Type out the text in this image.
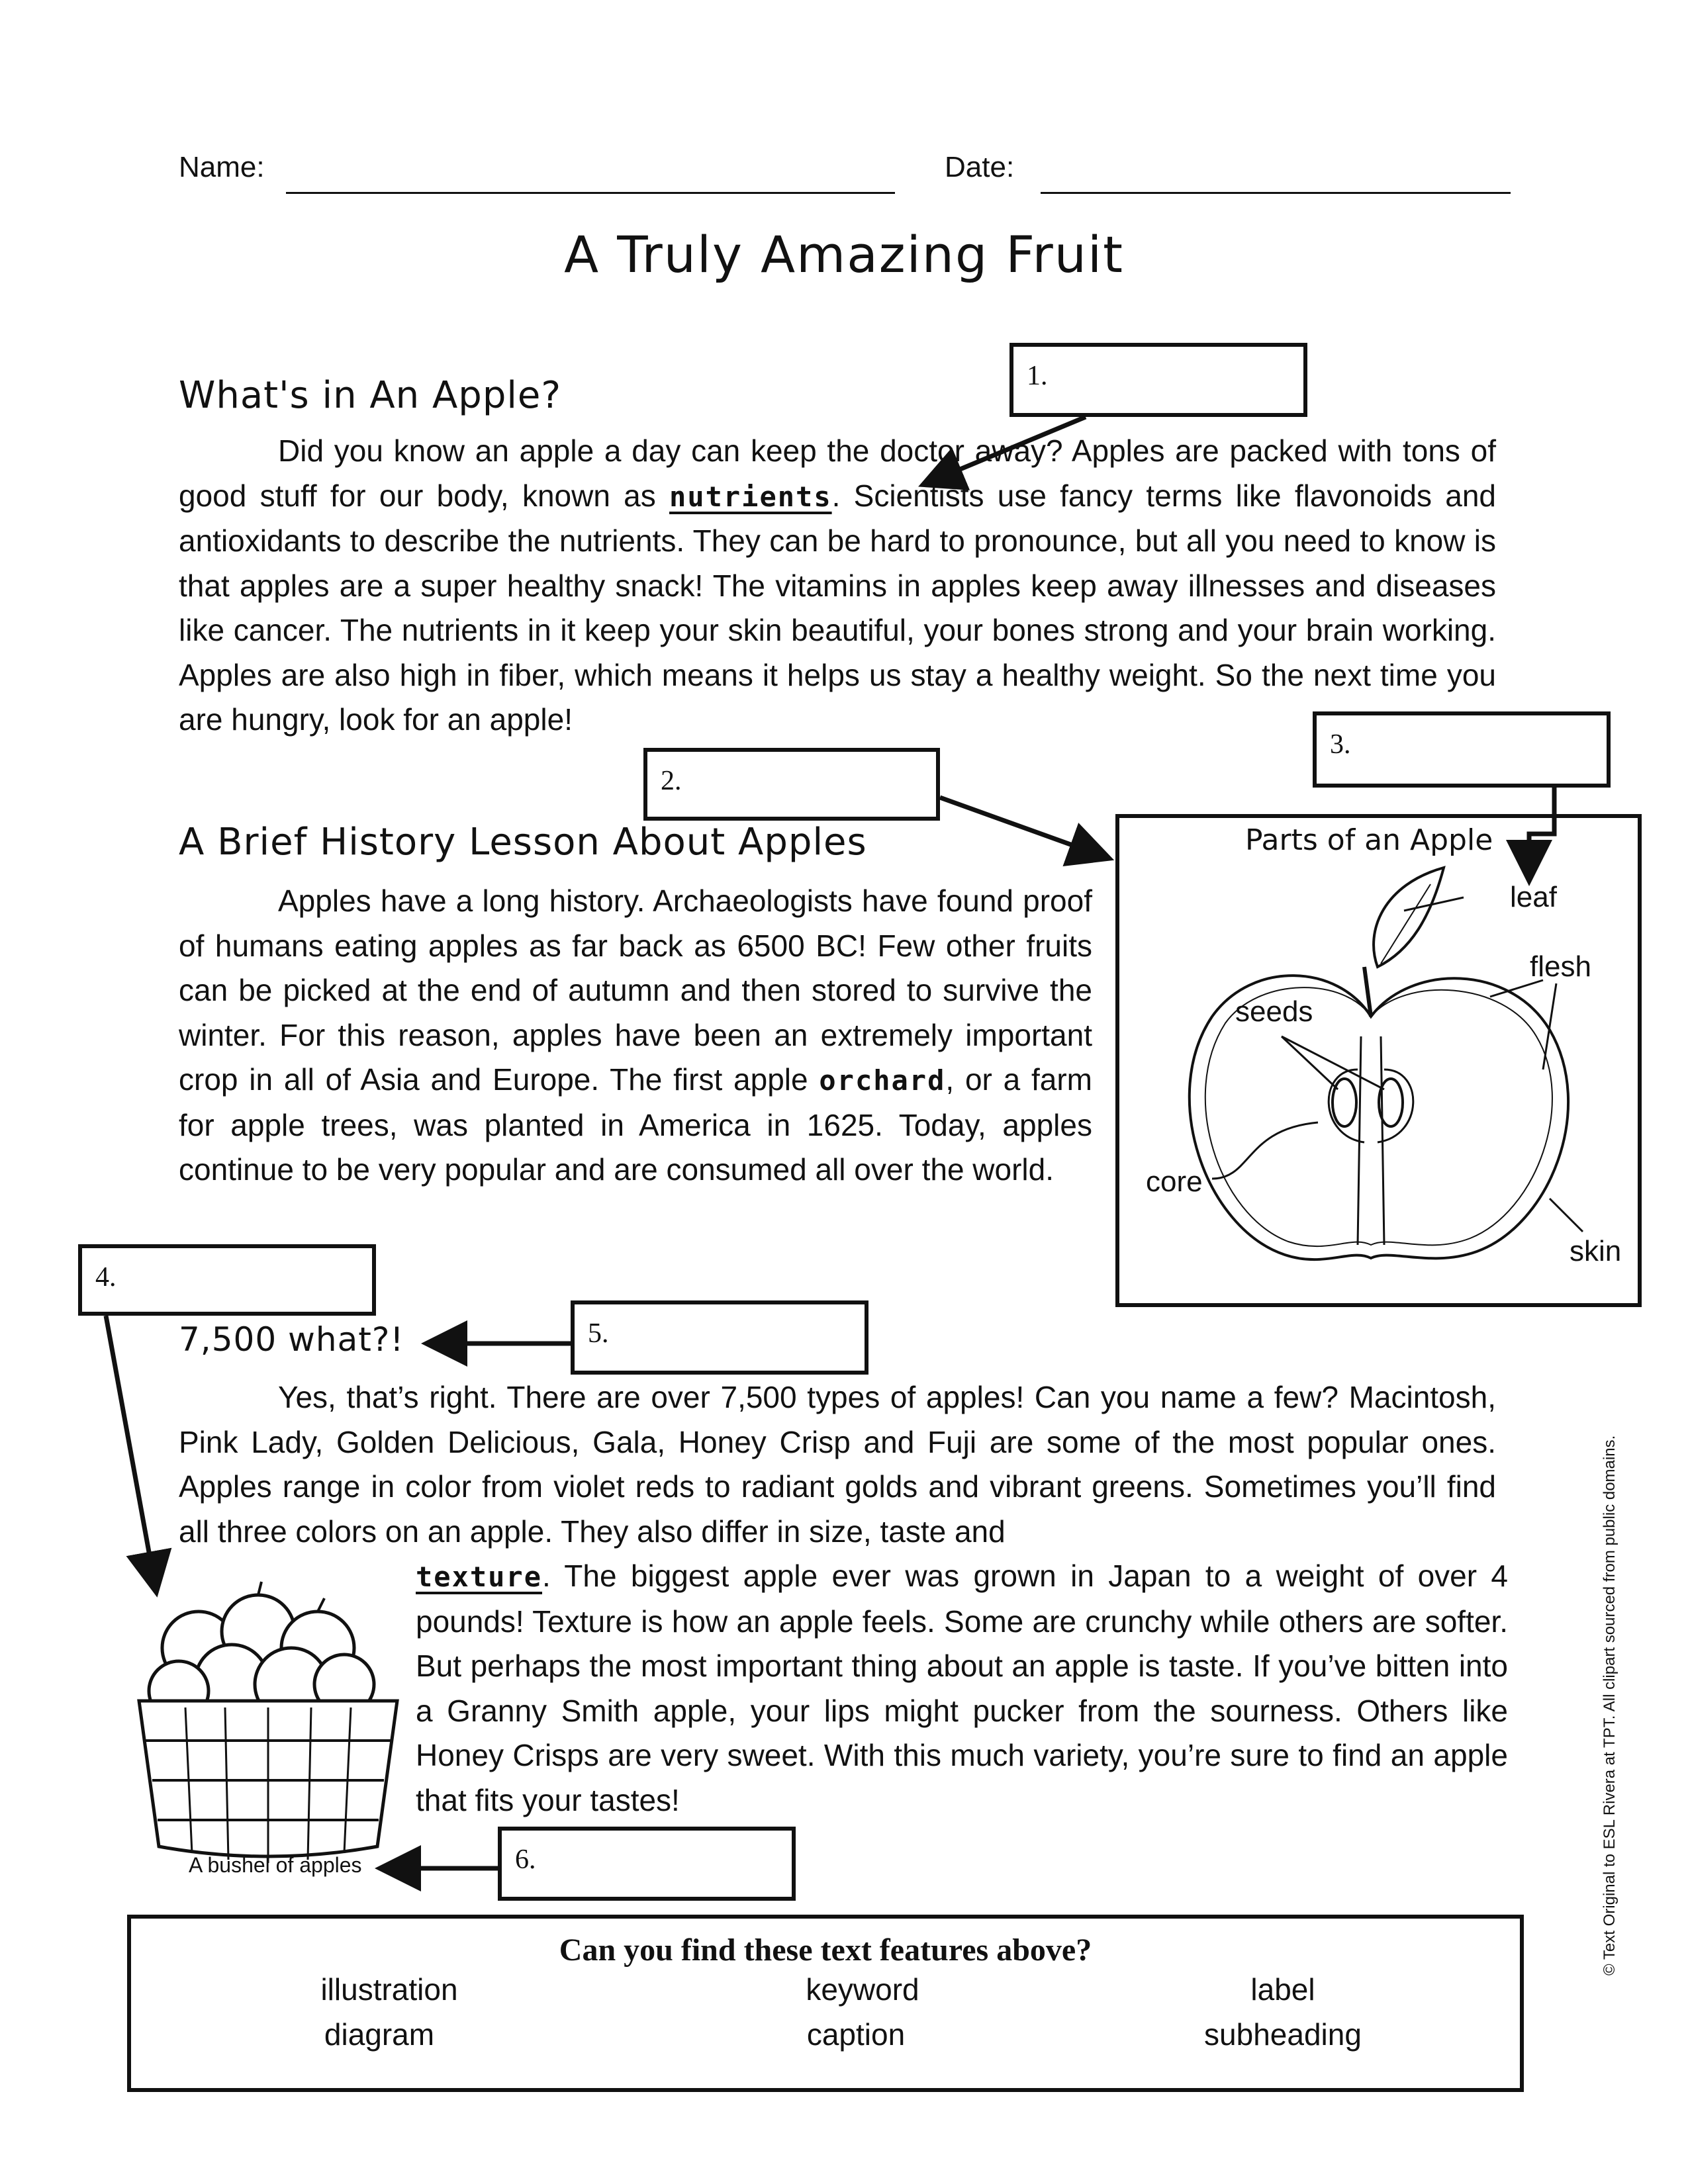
Name:	Date:
A Truly Amazing Fruit
What's in An Apple?
Did you know an apple a day can keep the doctor away? Apples are packed with tons of good stuff for our body, known as nutrients. Scientists use fancy terms like flavonoids and antioxidants to describe the nutrients. They can be hard to pronounce, but all you need to know is that apples are a super healthy snack! The vitamins in apples keep away illnesses and diseases like cancer. The nutrients in it keep your skin beautiful, your bones strong and your brain working. Apples are also high in fiber, which means it helps us stay a healthy weight. So the next time you are hungry, look for an apple!
A Brief History Lesson About Apples
Apples have a long history. Archaeologists have found proof of humans eating apples as far back as 6500 BC! Few other fruits can be picked at the end of autumn and then stored to survive the winter. For this reason, apples have been an extremely important crop in all of Asia and Europe. The first apple orchard, or a farm for apple trees, was planted in America in 1625. Today, apples continue to be very popular and are consumed all over the world.
Parts of an Apple
leaf
flesh
seeds
core
skin
7,500 what?!
Yes, that’s right. There are over 7,500 types of apples! Can you name a few? Macintosh, Pink Lady, Golden Delicious, Gala, Honey Crisp and Fuji are some of the most popular ones. Apples range in color from violet reds to radiant golds and vibrant greens. Sometimes you’ll find all three colors on an apple. They also differ in size, taste and
texture. The biggest apple ever was grown in Japan to a weight of over 4 pounds! Texture is how an apple feels. Some are crunchy while others are softer. But perhaps the most important thing about an apple is taste. If you’ve bitten into a Granny Smith apple, your lips might pucker from the sourness. Others like Honey Crisps are very sweet. With this much variety, you’re sure to find an apple that fits your tastes!
A bushel of apples
1.
2.
3.
4.
5.
6.
Can you find these text features above?
illustration	keyword	label
diagram	caption	subheading
© Text Original to ESL Rivera at TPT. All clipart sourced from public domains.
